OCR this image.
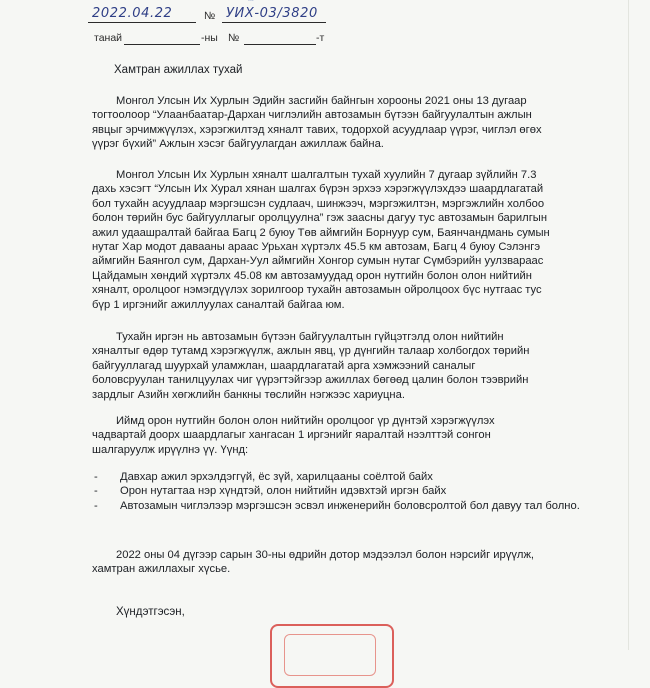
2022.04.22	№ УИХ-03/3820
танай	-ны №	-т
Хамтран ажиллах тухай

Монгол Улсын Их Хурлын Эдийн засгийн байнгын хорооны 2021 оны 13 дугаар
тогтоолоор “Улаанбаатар-Дархан чиглэлийн автозамын бүтээн байгуулалтын ажлын
явцыг эрчимжүүлэх, хэрэгжилтэд хяналт тавих, тодорхой асуудлаар үүрэг, чиглэл өгөх
үүрэг бүхий” Ажлын хэсэг байгуулагдан ажиллаж байна.

Монгол Улсын Их Хурлын хяналт шалгалтын тухай хуулийн 7 дугаар зүйлийн 7.3
дахь хэсэгт “Улсын Их Хурал хянан шалгах бүрэн эрхээ хэрэгжүүлэхдээ шаардлагатай
бол тухайн асуудлаар мэргэшсэн судлаач, шинжээч, мэргэжилтэн, мэргэжлийн холбоо
болон төрийн бус байгууллагыг оролцуулна” гэж заасны дагуу тус автозамын барилгын
ажил удаашралтай байгаа Багц 2 буюу Төв аймгийн Борнуур сум, Баянчандмань сумын
нутаг Хар модот давааны арааc Урьхан хүртэлх 45.5 км автозам, Багц 4 буюу Сэлэнгэ
аймгийн Баянгол сум, Дархан-Уул аймгийн Хонгор сумын нутаг Сүмбэрийн уулзвараас
Цайдамын хөндий хүртэлх 45.08 км автозамуудад орон нутгийн болон олон нийтийн
хяналт, оролцоог нэмэгдүүлэх зорилгоор тухайн автозамын ойролцоох бүс нутгаас тус
бүр 1 иргэнийг ажиллуулах саналтай байгаа юм.

Тухайн иргэн нь автозамын бүтээн байгуулалтын гүйцэтгэлд олон нийтийн
хяналтыг өдөр тутамд хэрэгжүүлж, ажлын явц, үр дүнгийн талаар холбогдох төрийн
байгууллагад шуурхай уламжлан, шаардлагатай арга хэмжээний саналыг
боловсруулан танилцуулах чиг үүрэгтэйгээр ажиллах бөгөөд цалин болон тээврийн
зардлыг Азийн хөгжлийн банкны төслийн нэгжээс хариуцна.

Иймд орон нутгийн болон олон нийтийн оролцоог үр дүнтэй хэрэгжүүлэх
чадвартай доорх шаардлагыг хангасан 1 иргэнийг яаралтай нээлттэй сонгон
шалгаруулж ирүүлнэ үү. Үүнд:

- Давхар ажил эрхэлдэггүй, ёс зүй, харилцааны соёлтой байх
- Орон нутагтаа нэр хүндтэй, олон нийтийн идэвхтэй иргэн байх
- Автозамын чиглэлээр мэргэшсэн эсвэл инженерийн боловсролтой бол давуу тал болно.

2022 оны 04 дүгээр сарын 30-ны өдрийн дотор мэдээлэл болон нэрсийг ирүүлж,
хамтран ажиллахыг хүсье.

Хүндэтгэсэн,
